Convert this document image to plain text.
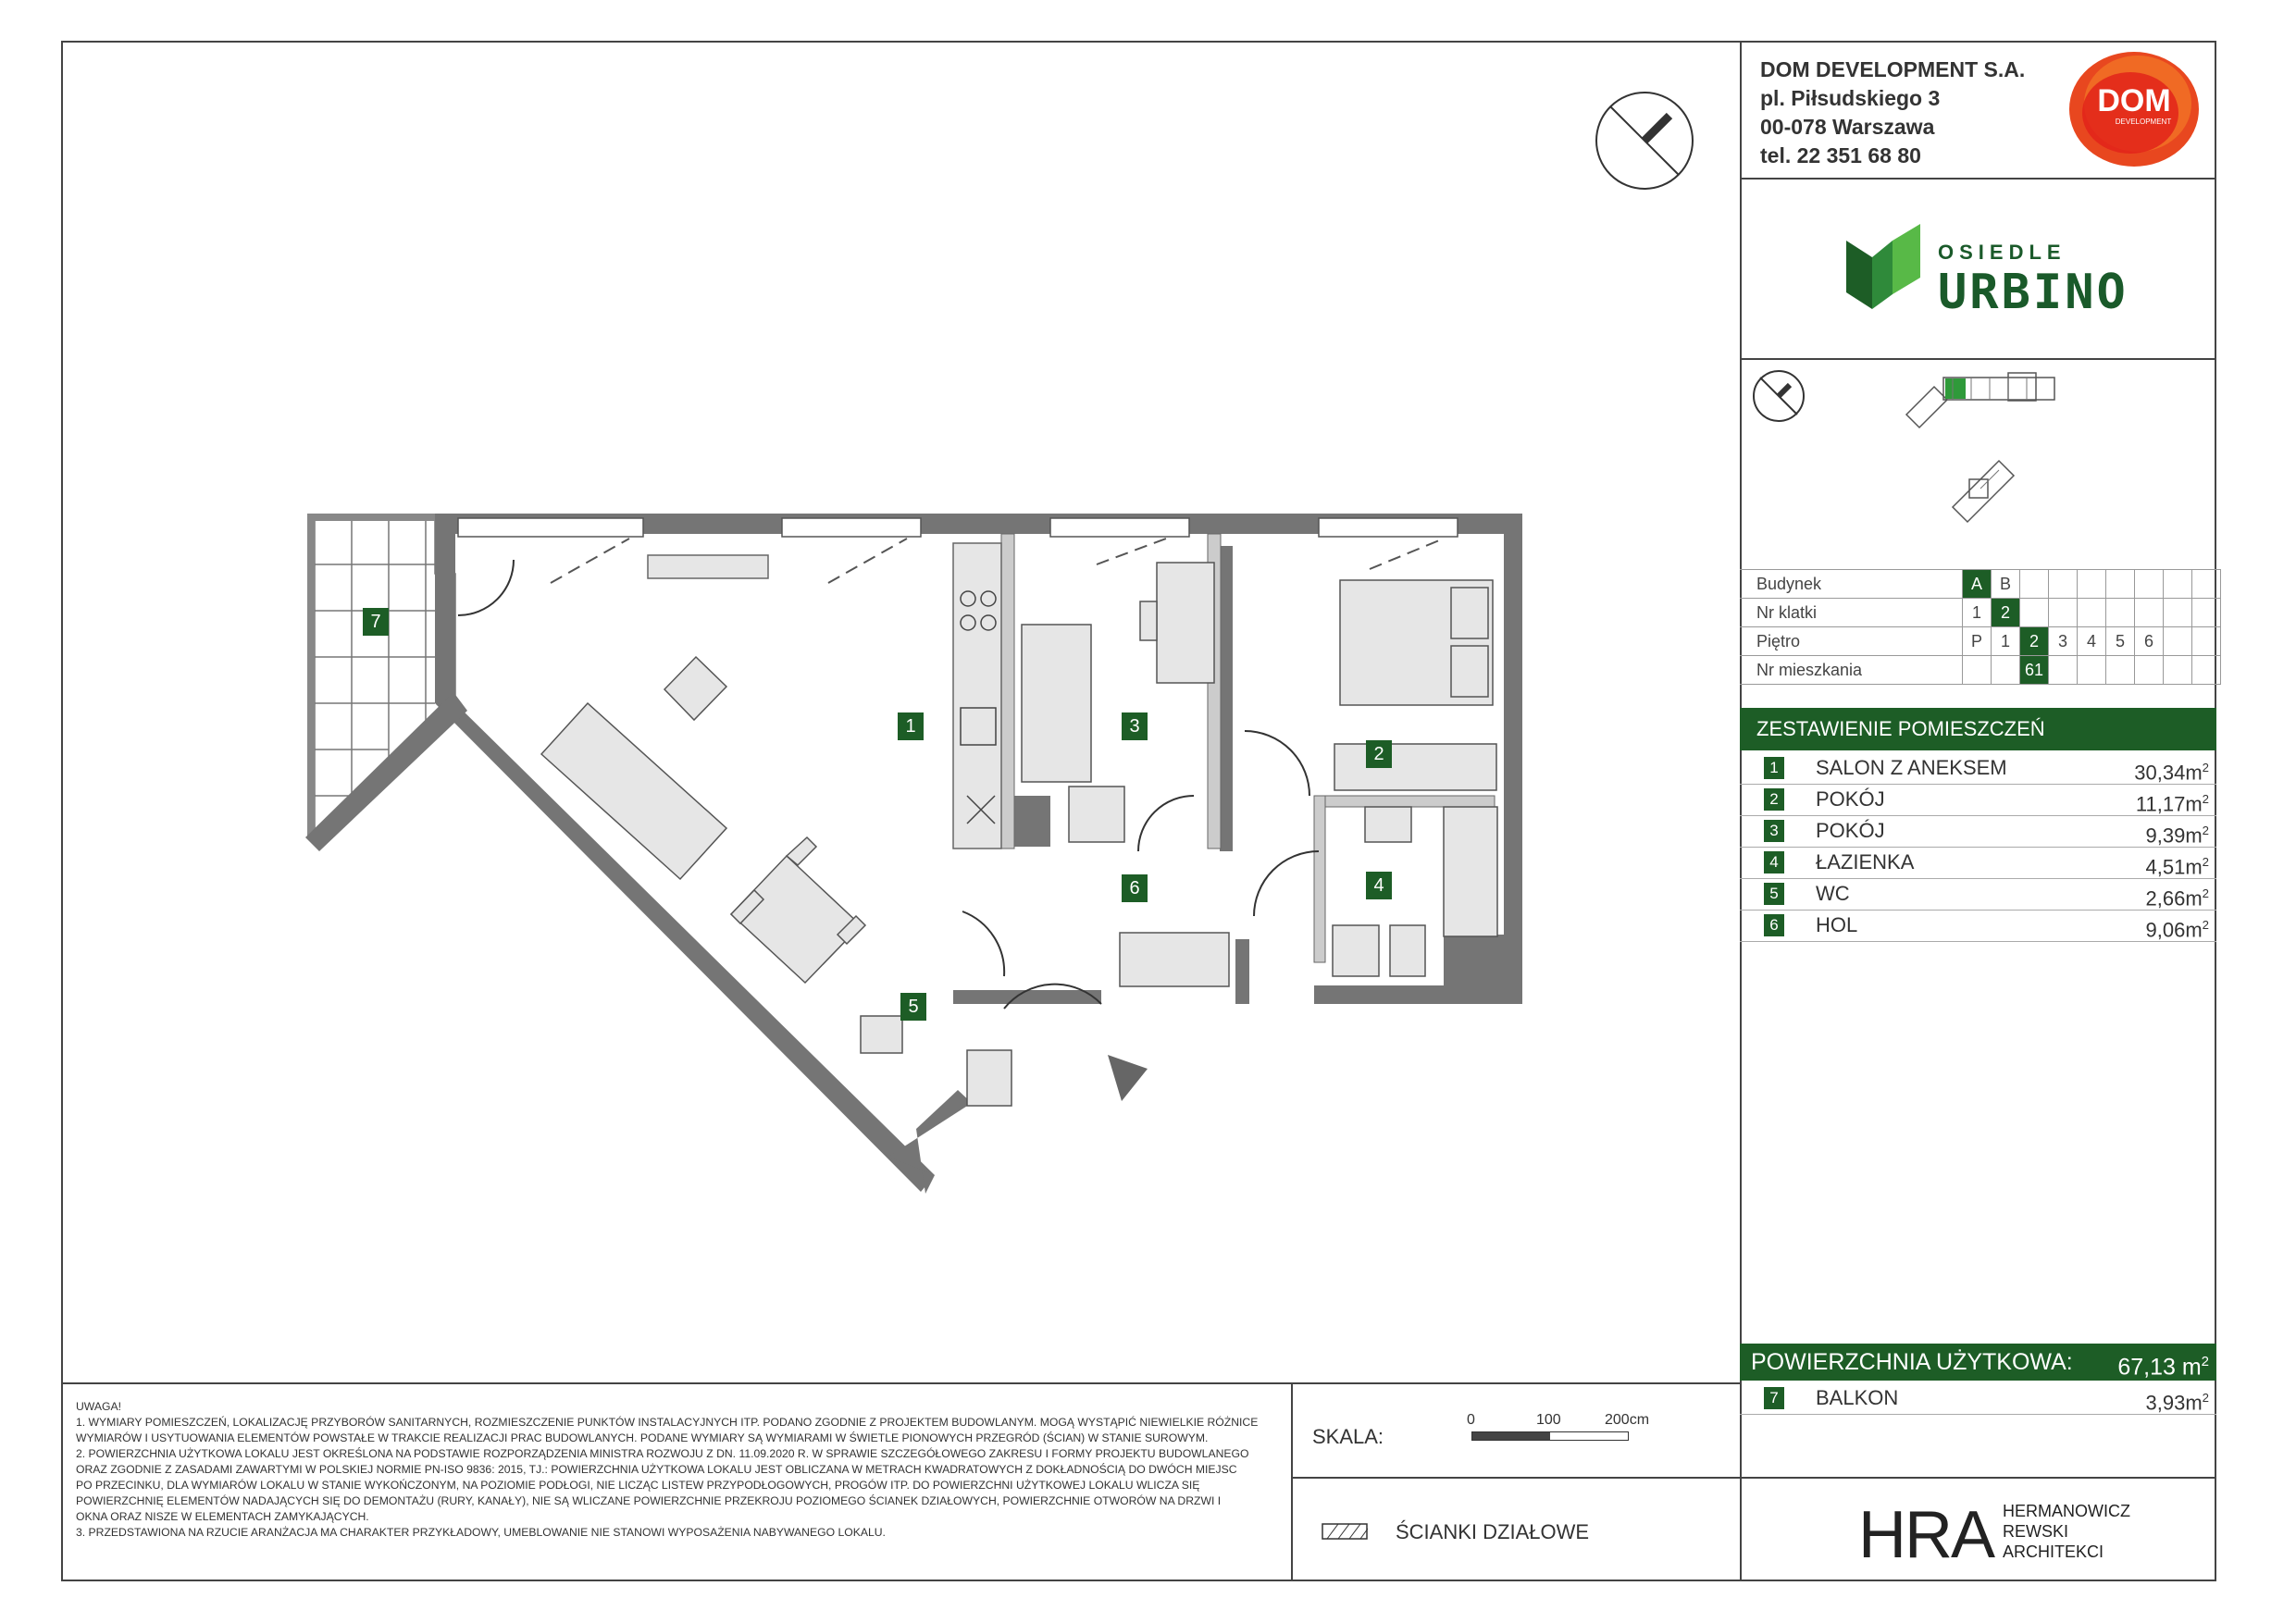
DOM DEVELOPMENT S.A.
pl. Piłsudskiego 3
00-078 Warszawa
tel. 22 351 68 80
DOM
DEVELOPMENT
OSIEDLE
URBINO
Budynek	A	B							
Nr klatki	1	2							
Piętro	P	1	2	3	4	5	6		
Nr mieszkania			61						
ZESTAWIENIE POMIESZCZEŃ
1 SALON Z ANEKSEM	$30,34m^2$
2 POKÓJ	$11,17m^2$
3 POKÓJ	$9,39m^2$
4 ŁAZIENKA	$4,51m^2$
5 WC	$2,66m^2$
6 HOL	$9,06m^2$
POWIERZCHNIA UŻYTKOWA: 67,13 $m^2$
7 BALKON	$3,93m^2$
UWAGA!
1. WYMIARY POMIESZCZEŃ, LOKALIZACJĘ PRZYBORÓW SANITARNYCH, ROZMIESZCZENIE PUNKTÓW INSTALACYJNYCH ITP. PODANO ZGODNIE Z PROJEKTEM BUDOWLANYM. MOGĄ WYSTĄPIĆ NIEWIELKIE RÓŻNICE
WYMIARÓW I USYTUOWANIA ELEMENTÓW POWSTAŁE W TRAKCIE REALIZACJI PRAC BUDOWLANYCH. PODANE WYMIARY SĄ WYMIARAMI W ŚWIETLE PIONOWYCH PRZEGRÓD (ŚCIAN) W STANIE SUROWYM.
2. POWIERZCHNIA UŻYTKOWA LOKALU JEST OKREŚLONA NA PODSTAWIE ROZPORZĄDZENIA MINISTRA ROZWOJU Z DN. 11.09.2020 R. W SPRAWIE SZCZEGÓŁOWEGO ZAKRESU I FORMY PROJEKTU BUDOWLANEGO
ORAZ ZGODNIE Z ZASADAMI ZAWARTYMI W POLSKIEJ NORMIE PN-ISO 9836: 2015, TJ.: POWIERZCHNIA UŻYTKOWA LOKALU JEST OBLICZANA W METRACH KWADRATOWYCH Z DOKŁADNOŚCIĄ DO DWÓCH MIEJSC
PO PRZECINKU, DLA WYMIARÓW LOKALU W STANIE WYKOŃCZONYM, NA POZIOMIE PODŁOGI, NIE LICZĄC LISTEW PRZYPODŁOGOWYCH, PROGÓW ITP. DO POWIERZCHNI UŻYTKOWEJ LOKALU WLICZA SIĘ
POWIERZCHNIĘ ELEMENTÓW NADAJĄCYCH SIĘ DO DEMONTAŻU (RURY, KANAŁY), NIE SĄ WLICZANE POWIERZCHNIE PRZEKROJU POZIOMEGO ŚCIANEK DZIAŁOWYCH, POWIERZCHNIE OTWORÓW NA DRZWI I
OKNA ORAZ NISZE W ELEMENTACH ZAMYKAJĄCYCH.
3. PRZEDSTAWIONA NA RZUCIE ARANŻACJA MA CHARAKTER PRZYKŁADOWY, UMEBLOWANIE NIE STANOWI WYPOSAŻENIA NABYWANEGO LOKALU.
SKALA:
0	100	200cm
ŚCIANKI DZIAŁOWE	HRA HERMANOWICZ
REWSKI
ARCHITEKCI
1
2
3
4
5
6
7
